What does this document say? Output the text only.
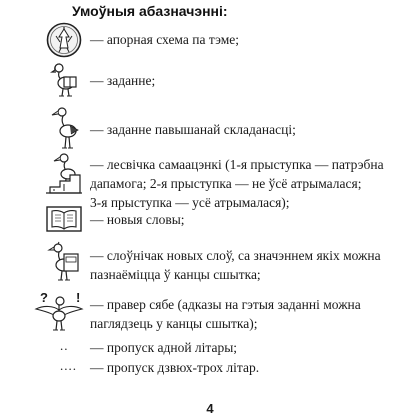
Умоўныя абазначэнні:

— апорная схема па тэме;

— заданне;

— заданне павышанай складанасці;

— лесвічка самаацэнкі (1-я прыступка — патрэбна
дапамога; 2-я прыступка — не ўсё атрымалася;
3-я прыступка — усё атрымалася);

— новыя словы;

— слоўнічак новых слоў, са значэннем якіх можна
пазнаёміцца ў канцы сшытка;

? ! — правер сябе (адказы на гэтыя заданні можна
паглядзець у канцы сшытка);

.. — пропуск адной літары;

.... — пропуск дзвюх-трох літар.

4
